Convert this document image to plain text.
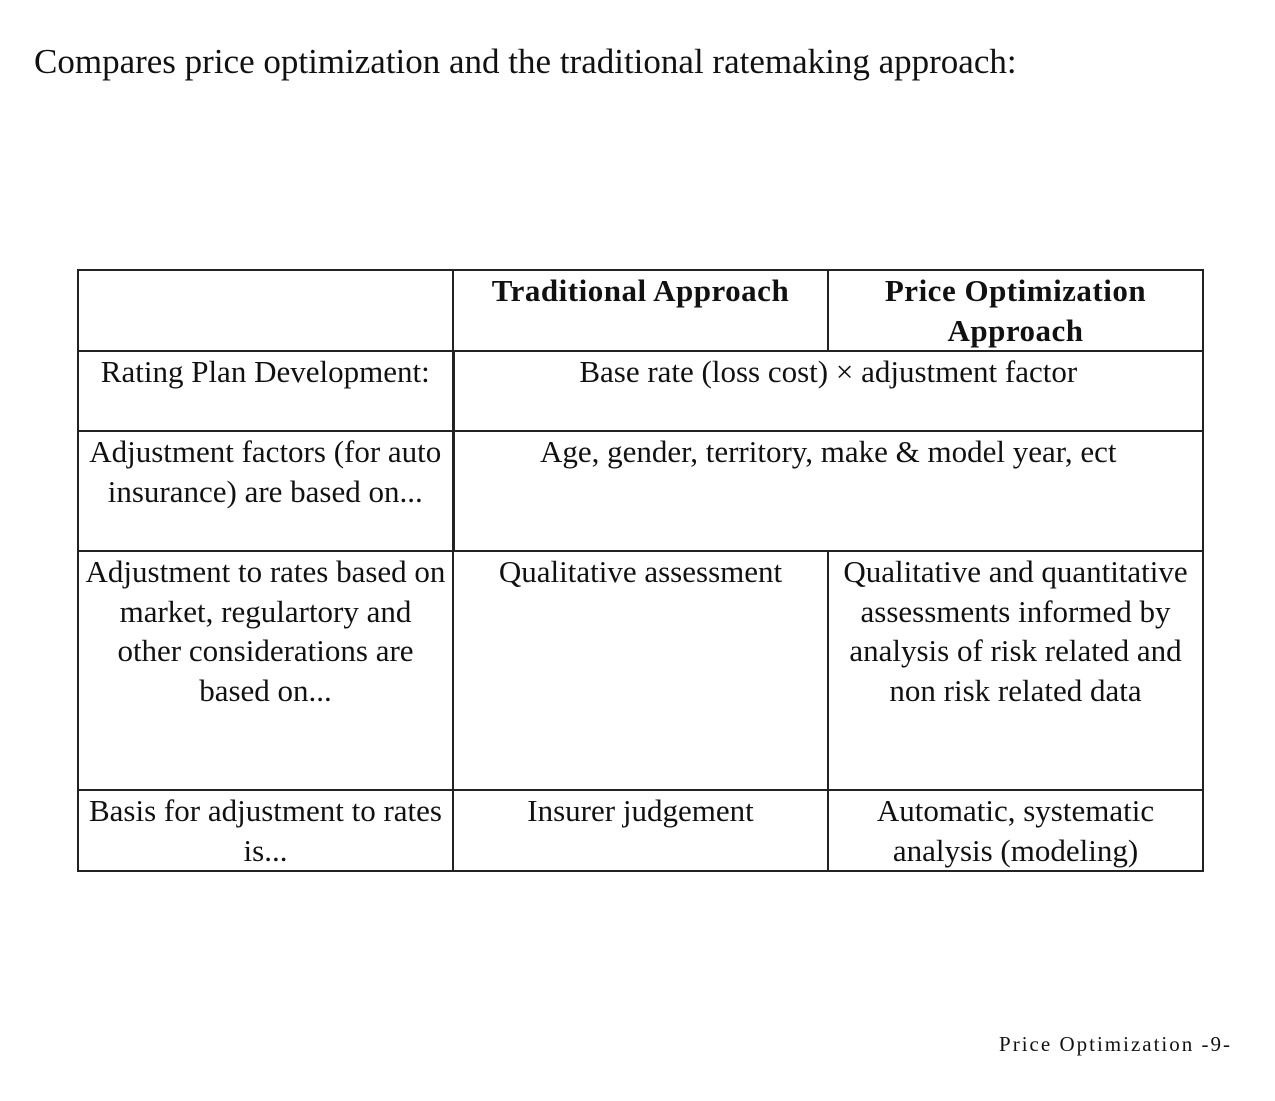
Compares price optimization and the traditional ratemaking approach:
	Traditional Approach	Price Optimization Approach
Rating Plan Development:	Base rate (loss cost) × adjustment factor	
Adjustment factors (for auto insurance) are based on...	Age, gender, territory, make & model year, ect	
Adjustment to rates based on market, regulartory and other considerations are based on...	Qualitative assessment	Qualitative and quantitative assessments informed by analysis of risk related and non risk related data
Basis for adjustment to rates is...	Insurer judgement	Automatic, systematic analysis (modeling)
Price Optimization -9-
